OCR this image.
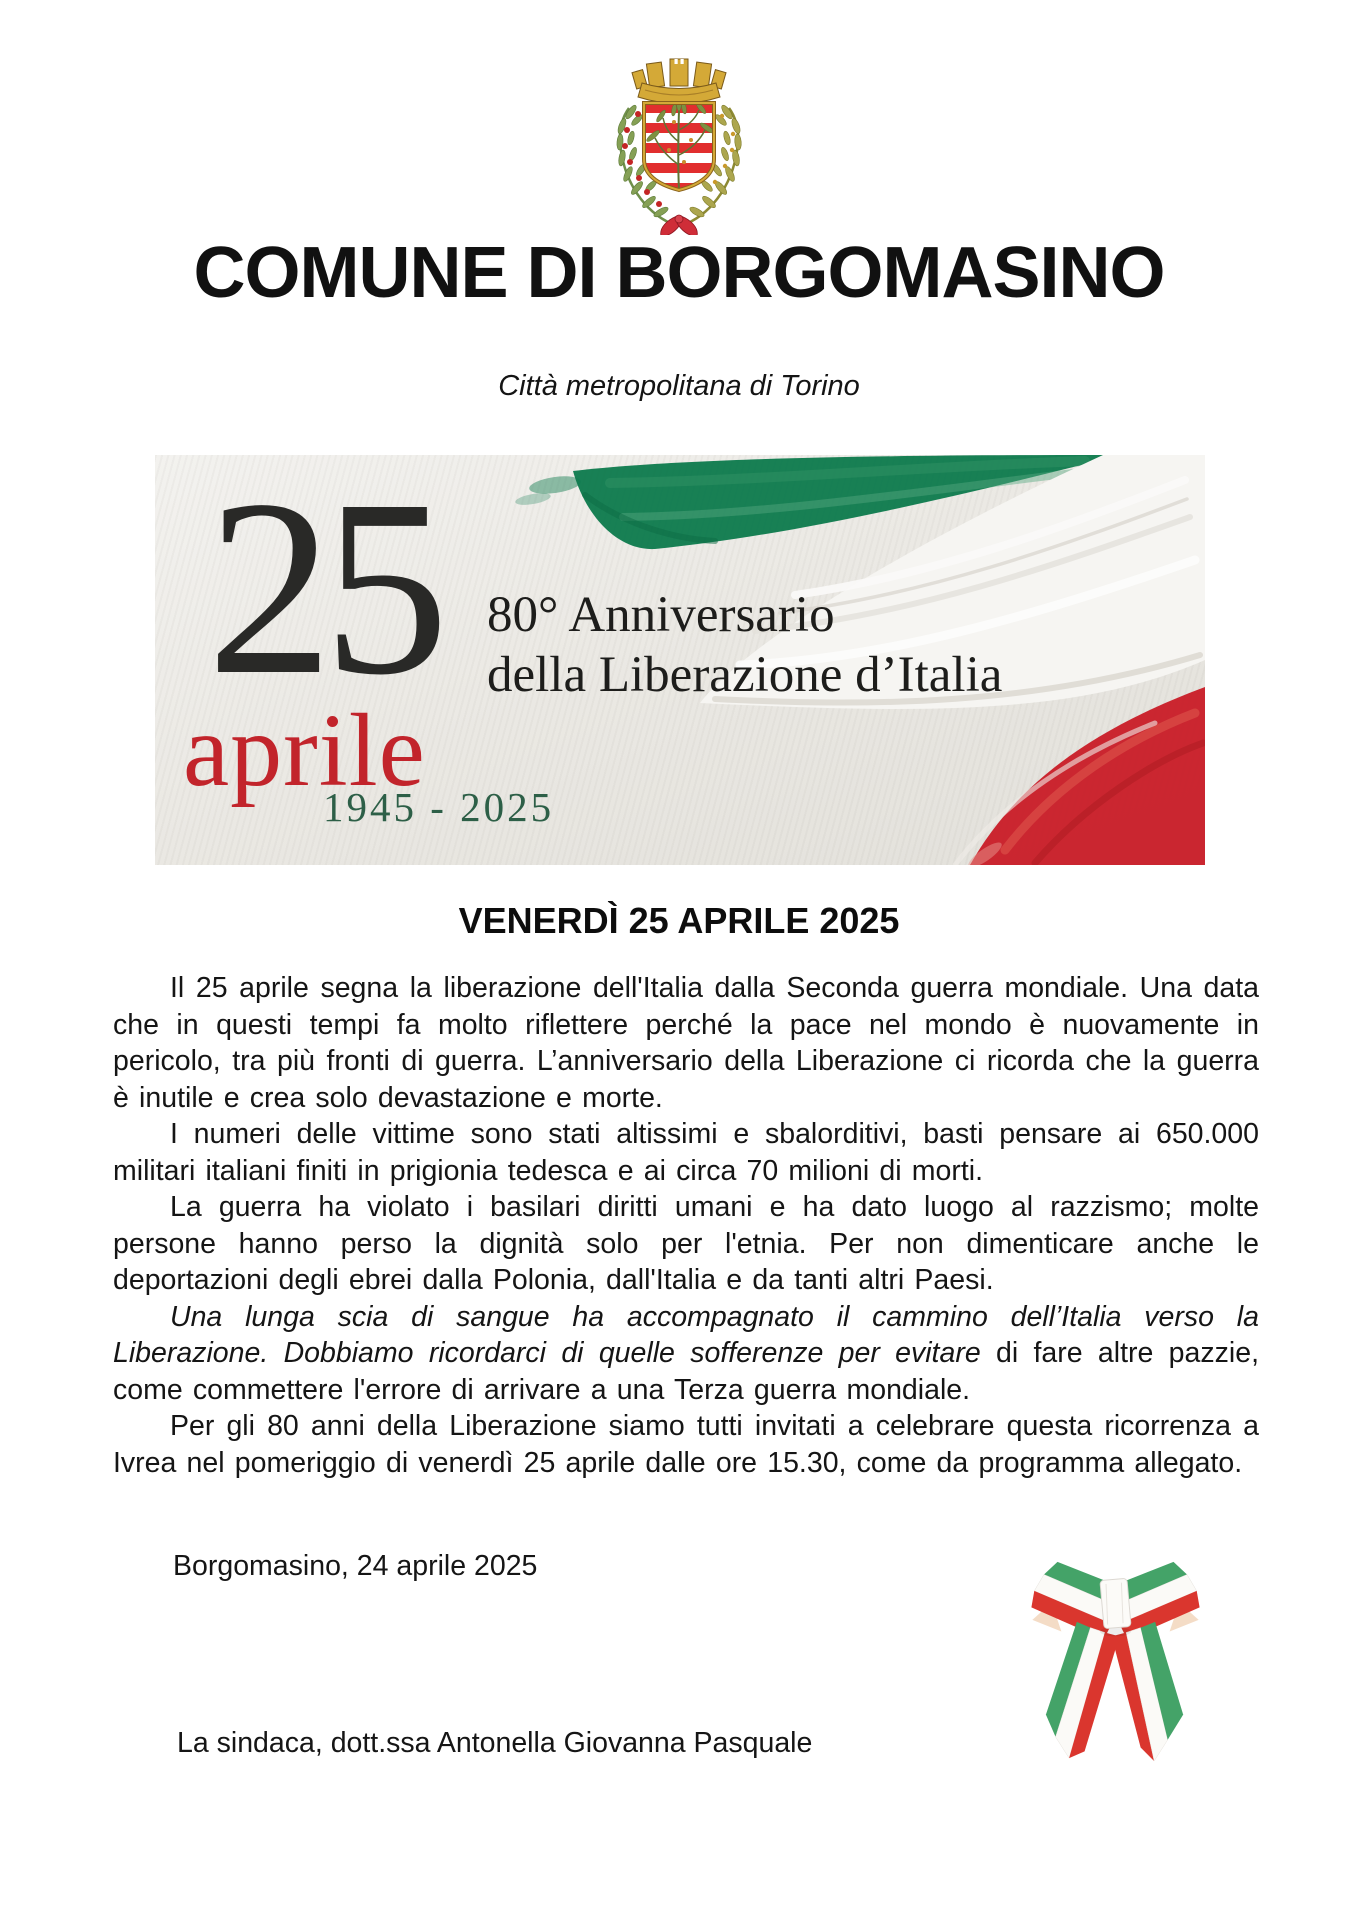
COMUNE DI BORGOMASINO
Città metropolitana di Torino
25
aprile
1945 - 2025
80° Anniversario
della Liberazione d’Italia
VENERDÌ 25 APRILE 2025

Il 25 aprile segna la liberazione dell'Italia dalla Seconda guerra mondiale. Una data che in questi tempi fa molto riflettere perché la pace nel mondo è nuovamente in pericolo, tra più fronti di guerra. L’anniversario della Liberazione ci ricorda che la guerra è inutile e crea solo devastazione e morte.

I numeri delle vittime sono stati altissimi e sbalorditivi, basti pensare ai 650.000 militari italiani finiti in prigionia tedesca e ai circa 70 milioni di morti.

La guerra ha violato i basilari diritti umani e ha dato luogo al razzismo; molte persone hanno perso la dignità solo per l'etnia. Per non dimenticare anche le deportazioni degli ebrei dalla Polonia, dall'Italia e da tanti altri Paesi.

Una lunga scia di sangue ha accompagnato il cammino dell’Italia verso la Liberazione. Dobbiamo ricordarci di quelle sofferenze per evitare di fare altre pazzie, come commettere l'errore di arrivare a una Terza guerra mondiale.

Per gli 80 anni della Liberazione siamo tutti invitati a celebrare questa ricorrenza a Ivrea nel pomeriggio di venerdì 25 aprile dalle ore 15.30, come da programma allegato.

Borgomasino, 24 aprile 2025
La sindaca, dott.ssa Antonella Giovanna Pasquale
